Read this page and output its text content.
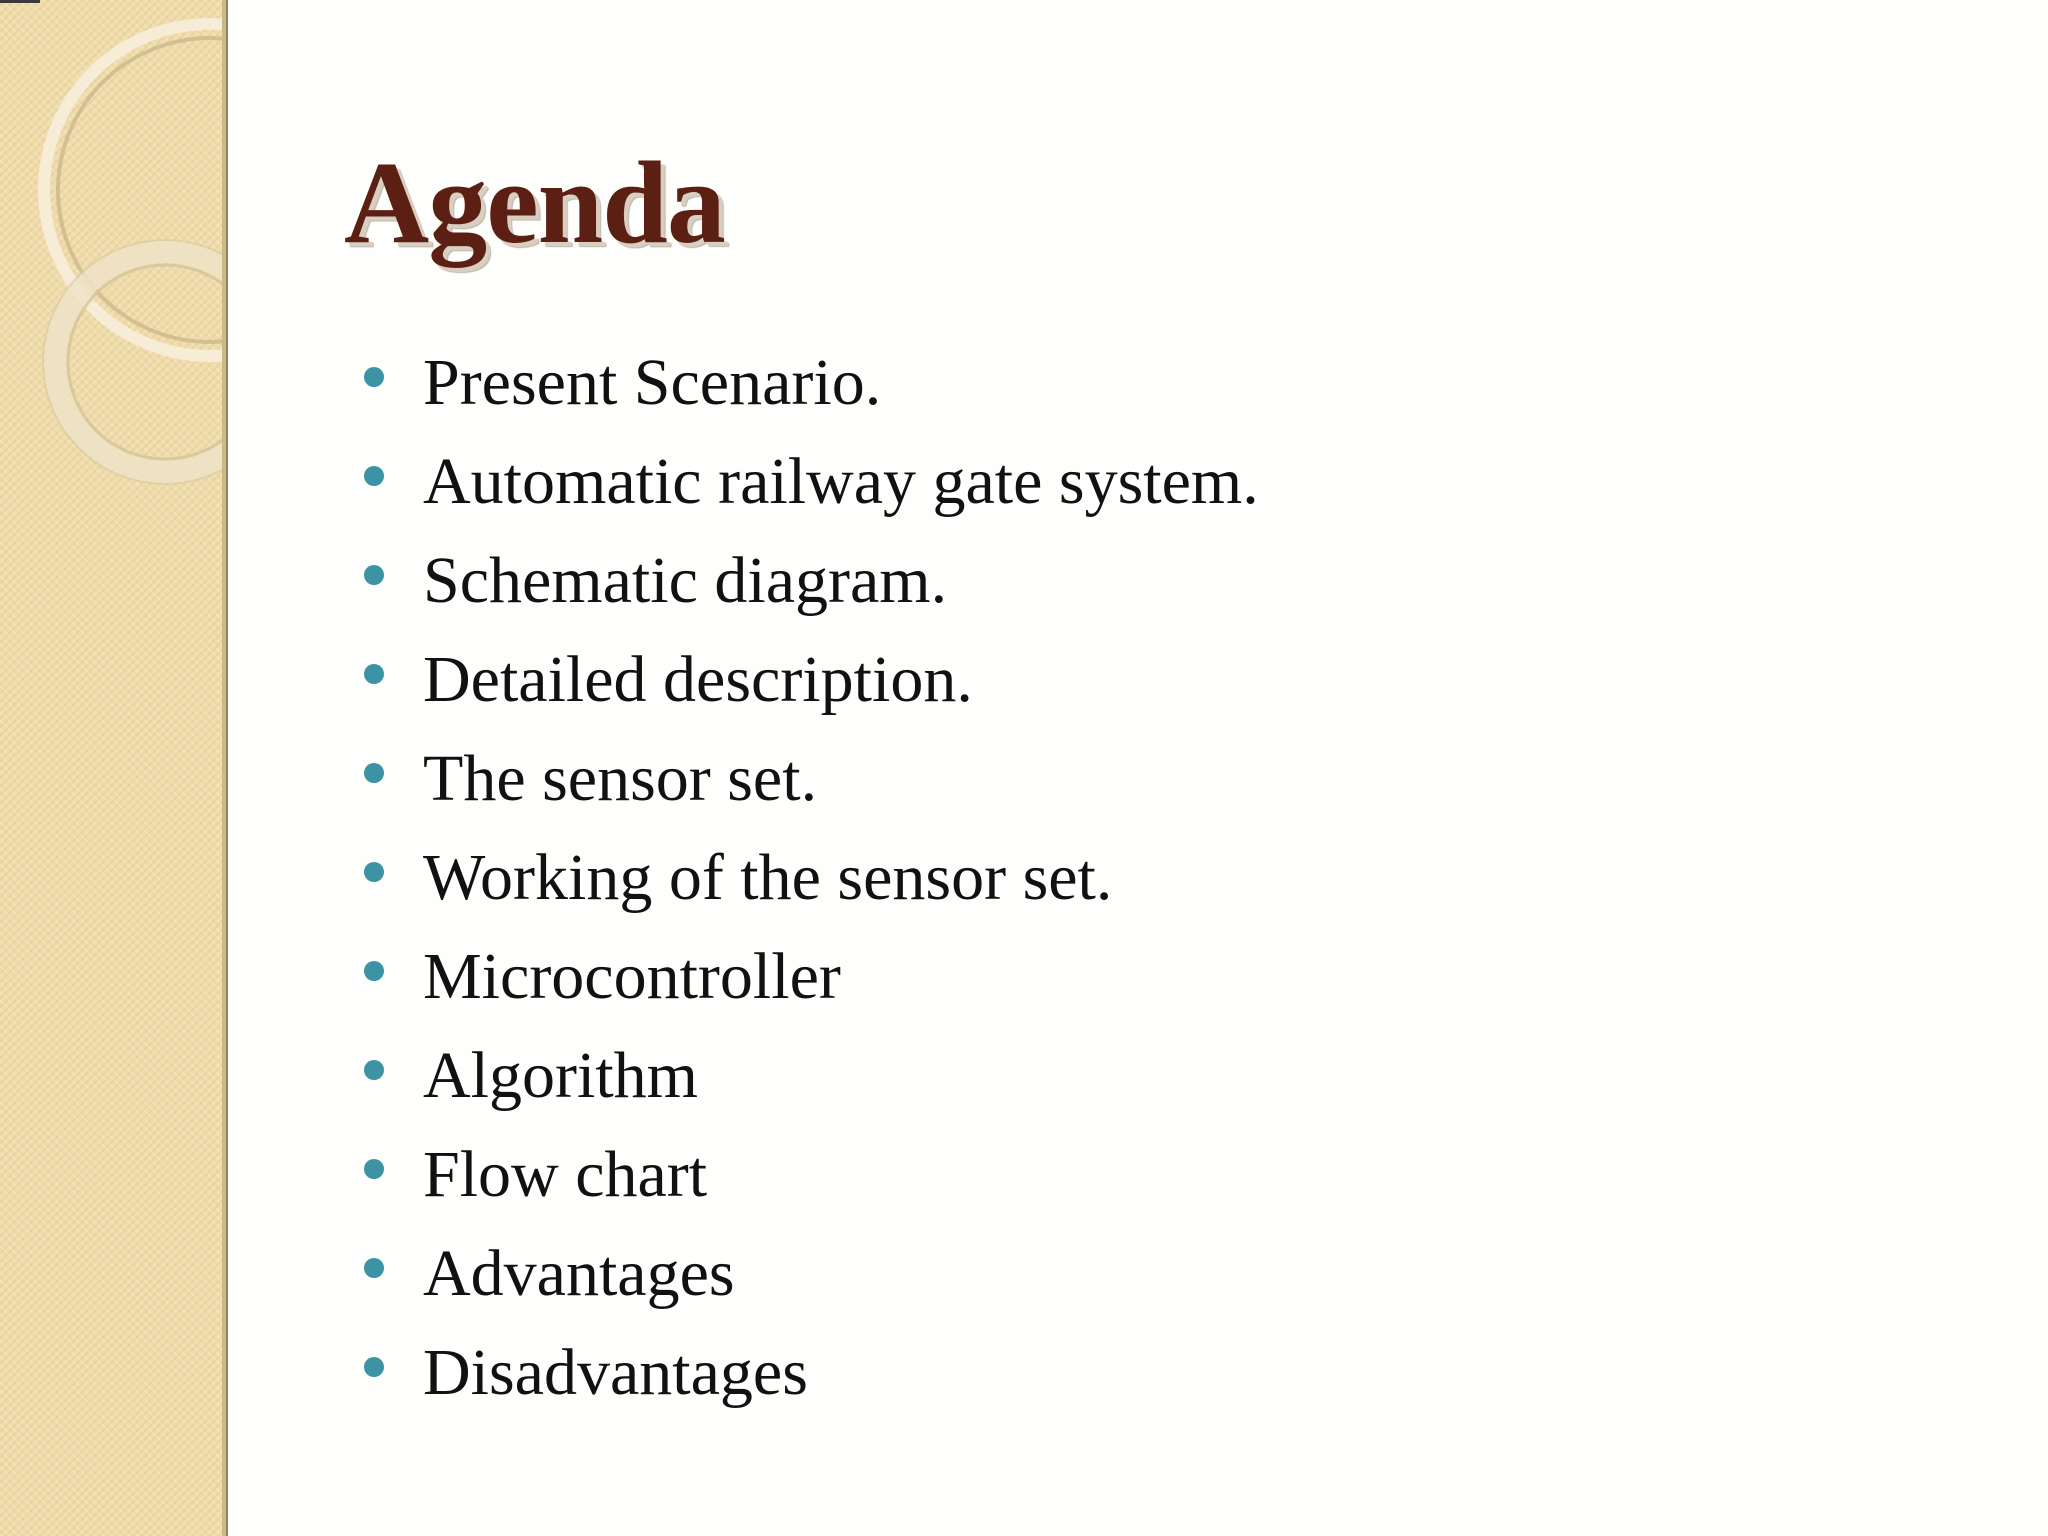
Agenda
Present Scenario.
Automatic railway gate system.
Schematic diagram.
Detailed description.
The sensor set.
Working of the sensor set.
Microcontroller
Algorithm
Flow chart
Advantages
Disadvantages
